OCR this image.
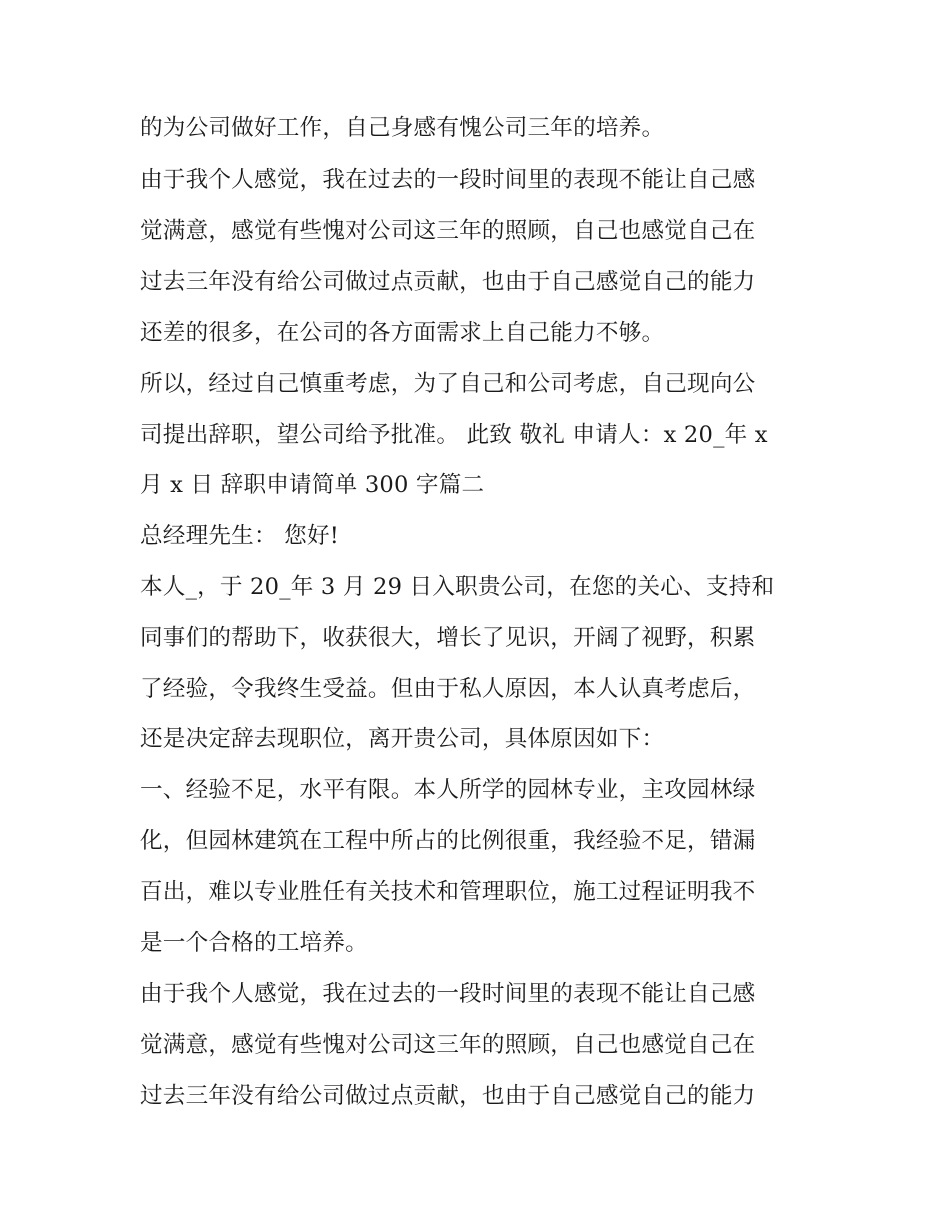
的为公司做好工作，自己身感有愧公司三年的培养。
由于我个人感觉，我在过去的一段时间里的表现不能让自己感
觉满意，感觉有些愧对公司这三年的照顾，自己也感觉自己在
过去三年没有给公司做过点贡献，也由于自己感觉自己的能力
还差的很多，在公司的各方面需求上自己能力不够。
所以，经过自己慎重考虑，为了自己和公司考虑，自己现向公
司提出辞职，望公司给予批准。 此致 敬礼 申请人：x 20_年 x
月 x 日 辞职申请简单 300 字篇二
总经理先生： 您好!
本人_，于 20_年 3 月 29 日入职贵公司，在您的关心、支持和
同事们的帮助下，收获很大，增长了见识，开阔了视野，积累
了经验，令我终生受益。但由于私人原因，本人认真考虑后，
还是决定辞去现职位，离开贵公司，具体原因如下：
一、经验不足，水平有限。本人所学的园林专业，主攻园林绿
化，但园林建筑在工程中所占的比例很重，我经验不足，错漏
百出，难以专业胜任有关技术和管理职位，施工过程证明我不
是一个合格的工培养。
由于我个人感觉，我在过去的一段时间里的表现不能让自己感
觉满意，感觉有些愧对公司这三年的照顾，自己也感觉自己在
过去三年没有给公司做过点贡献，也由于自己感觉自己的能力
